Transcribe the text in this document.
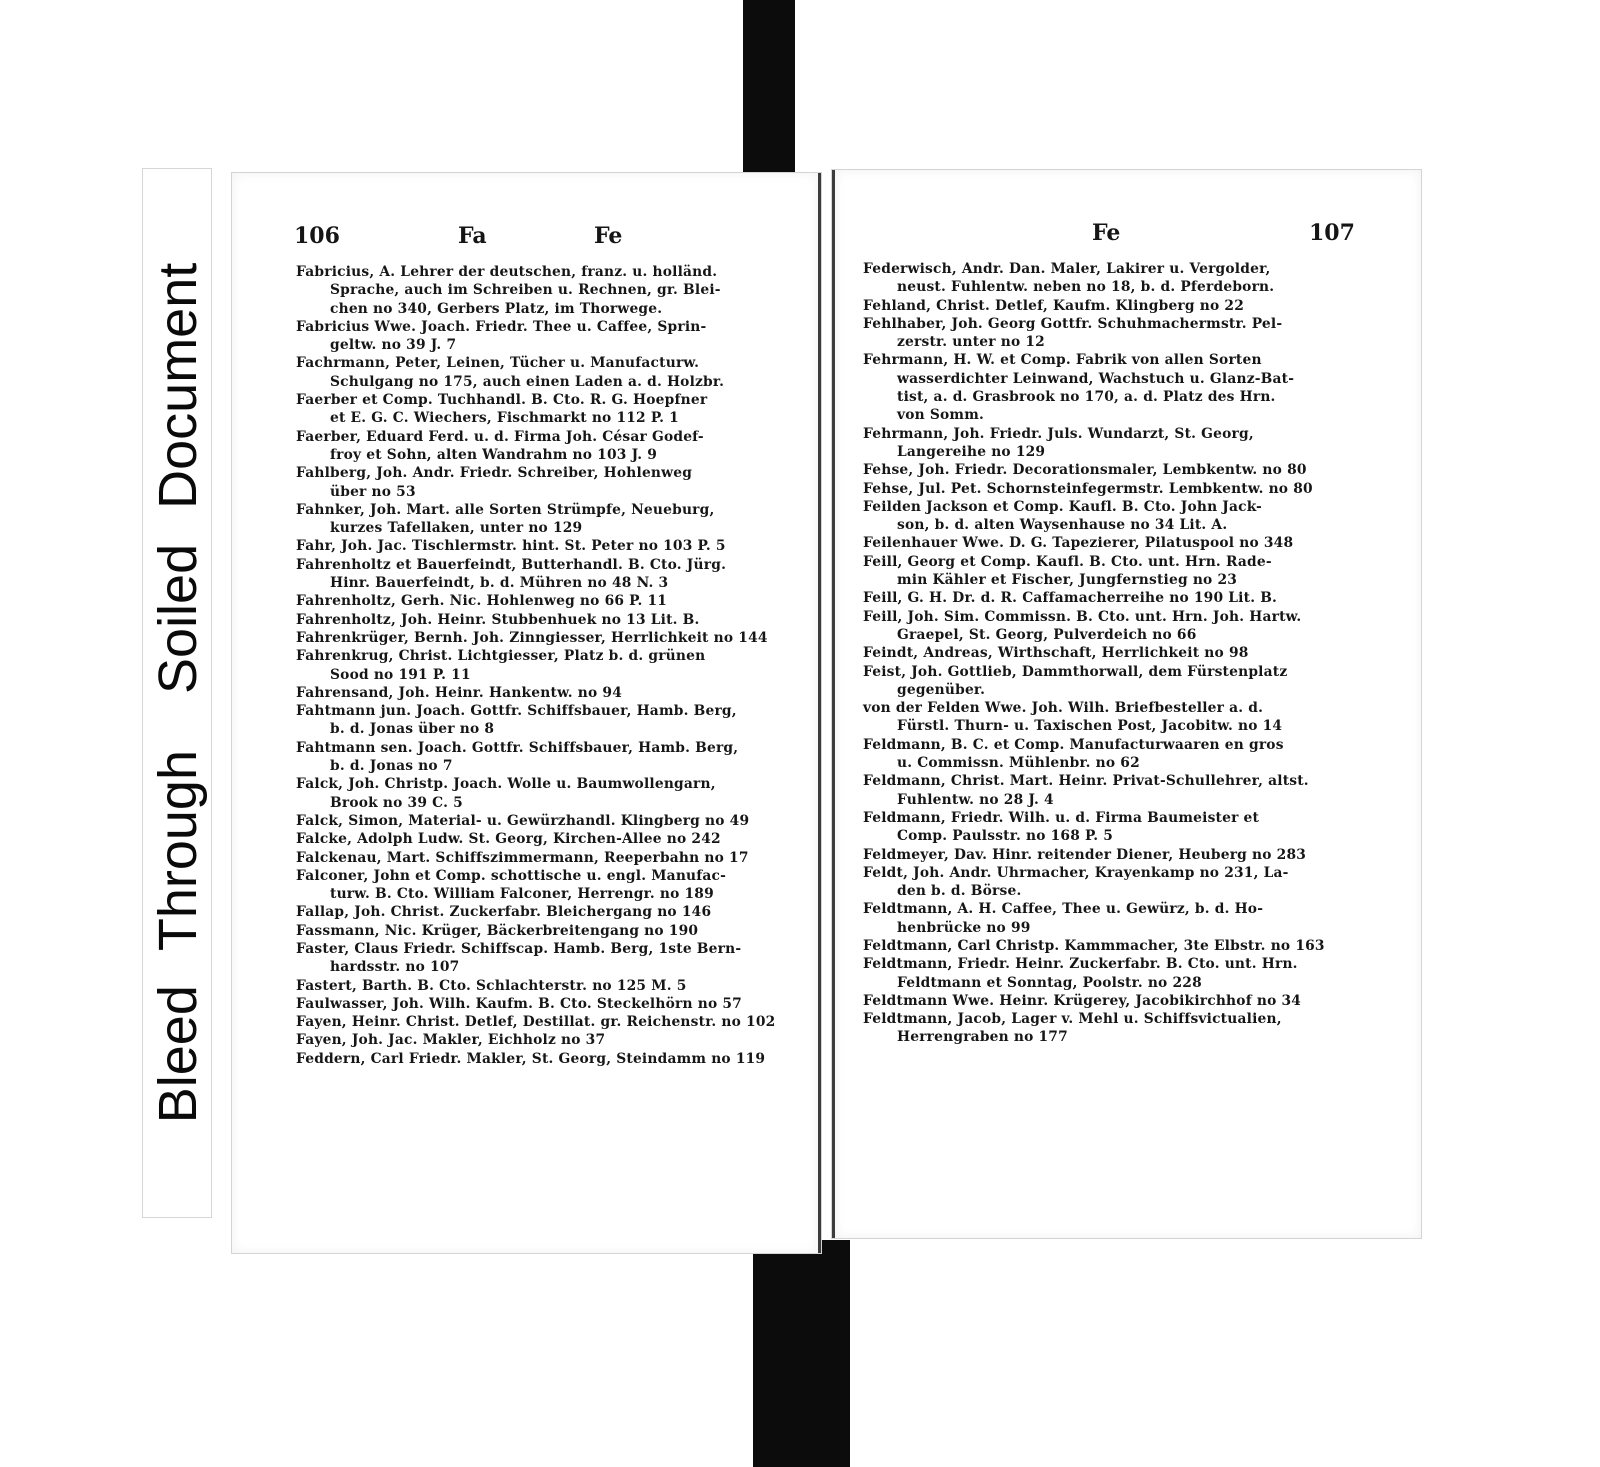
Bleed ThroughSoiled Document
106	Fa	Fe
Fabricius, A. Lehrer der deutschen, franz. u. holländ.
Sprache, auch im Schreiben u. Rechnen, gr. Blei-
chen no 340, Gerbers Platz, im Thorwege.
Fabricius Wwe. Joach. Friedr. Thee u. Caffee, Sprin-
geltw. no 39 J. 7
Fachrmann, Peter, Leinen, Tücher u. Manufacturw.
Schulgang no 175, auch einen Laden a. d. Holzbr.
Faerber et Comp. Tuchhandl. B. Cto. R. G. Hoepfner
et E. G. C. Wiechers, Fischmarkt no 112 P. 1
Faerber, Eduard Ferd. u. d. Firma Joh. César Godef-
froy et Sohn, alten Wandrahm no 103 J. 9
Fahlberg, Joh. Andr. Friedr. Schreiber, Hohlenweg
über no 53
Fahnker, Joh. Mart. alle Sorten Strümpfe, Neueburg,
kurzes Tafellaken, unter no 129
Fahr, Joh. Jac. Tischlermstr. hint. St. Peter no 103 P. 5
Fahrenholtz et Bauerfeindt, Butterhandl. B. Cto. Jürg.
Hinr. Bauerfeindt, b. d. Mühren no 48 N. 3
Fahrenholtz, Gerh. Nic. Hohlenweg no 66 P. 11
Fahrenholtz, Joh. Heinr. Stubbenhuek no 13 Lit. B.
Fahrenkrüger, Bernh. Joh. Zinngiesser, Herrlichkeit no 144
Fahrenkrug, Christ. Lichtgiesser, Platz b. d. grünen
Sood no 191 P. 11
Fahrensand, Joh. Heinr. Hankentw. no 94
Fahtmann jun. Joach. Gottfr. Schiffsbauer, Hamb. Berg,
b. d. Jonas über no 8
Fahtmann sen. Joach. Gottfr. Schiffsbauer, Hamb. Berg,
b. d. Jonas no 7
Falck, Joh. Christp. Joach. Wolle u. Baumwollengarn,
Brook no 39 C. 5
Falck, Simon, Material- u. Gewürzhandl. Klingberg no 49
Falcke, Adolph Ludw. St. Georg, Kirchen-Allee no 242
Falckenau, Mart. Schiffszimmermann, Reeperbahn no 17
Falconer, John et Comp. schottische u. engl. Manufac-
turw. B. Cto. William Falconer, Herrengr. no 189
Fallap, Joh. Christ. Zuckerfabr. Bleichergang no 146
Fassmann, Nic. Krüger, Bäckerbreitengang no 190
Faster, Claus Friedr. Schiffscap. Hamb. Berg, 1ste Bern-
hardsstr. no 107
Fastert, Barth. B. Cto. Schlachterstr. no 125 M. 5
Faulwasser, Joh. Wilh. Kaufm. B. Cto. Steckelhörn no 57
Fayen, Heinr. Christ. Detlef, Destillat. gr. Reichenstr. no 102
Fayen, Joh. Jac. Makler, Eichholz no 37
Feddern, Carl Friedr. Makler, St. Georg, Steindamm no 119
Fe	107
Federwisch, Andr. Dan. Maler, Lakirer u. Vergolder,
neust. Fuhlentw. neben no 18, b. d. Pferdeborn.
Fehland, Christ. Detlef, Kaufm. Klingberg no 22
Fehlhaber, Joh. Georg Gottfr. Schuhmachermstr. Pel-
zerstr. unter no 12
Fehrmann, H. W. et Comp. Fabrik von allen Sorten
wasserdichter Leinwand, Wachstuch u. Glanz-Bat-
tist, a. d. Grasbrook no 170, a. d. Platz des Hrn.
von Somm.
Fehrmann, Joh. Friedr. Juls. Wundarzt, St. Georg,
Langereihe no 129
Fehse, Joh. Friedr. Decorationsmaler, Lembkentw. no 80
Fehse, Jul. Pet. Schornsteinfegermstr. Lembkentw. no 80
Feilden Jackson et Comp. Kaufl. B. Cto. John Jack-
son, b. d. alten Waysenhause no 34 Lit. A.
Feilenhauer Wwe. D. G. Tapezierer, Pilatuspool no 348
Feill, Georg et Comp. Kaufl. B. Cto. unt. Hrn. Rade-
min Kähler et Fischer, Jungfernstieg no 23
Feill, G. H. Dr. d. R. Caffamacherreihe no 190 Lit. B.
Feill, Joh. Sim. Commissn. B. Cto. unt. Hrn. Joh. Hartw.
Graepel, St. Georg, Pulverdeich no 66
Feindt, Andreas, Wirthschaft, Herrlichkeit no 98
Feist, Joh. Gottlieb, Dammthorwall, dem Fürstenplatz
gegenüber.
von der Felden Wwe. Joh. Wilh. Briefbesteller a. d.
Fürstl. Thurn- u. Taxischen Post, Jacobitw. no 14
Feldmann, B. C. et Comp. Manufacturwaaren en gros
u. Commissn. Mühlenbr. no 62
Feldmann, Christ. Mart. Heinr. Privat-Schullehrer, altst.
Fuhlentw. no 28 J. 4
Feldmann, Friedr. Wilh. u. d. Firma Baumeister et
Comp. Paulsstr. no 168 P. 5
Feldmeyer, Dav. Hinr. reitender Diener, Heuberg no 283
Feldt, Joh. Andr. Uhrmacher, Krayenkamp no 231, La-
den b. d. Börse.
Feldtmann, A. H. Caffee, Thee u. Gewürz, b. d. Ho-
henbrücke no 99
Feldtmann, Carl Christp. Kammmacher, 3te Elbstr. no 163
Feldtmann, Friedr. Heinr. Zuckerfabr. B. Cto. unt. Hrn.
Feldtmann et Sonntag, Poolstr. no 228
Feldtmann Wwe. Heinr. Krügerey, Jacobikirchhof no 34
Feldtmann, Jacob, Lager v. Mehl u. Schiffsvictualien,
Herrengraben no 177
